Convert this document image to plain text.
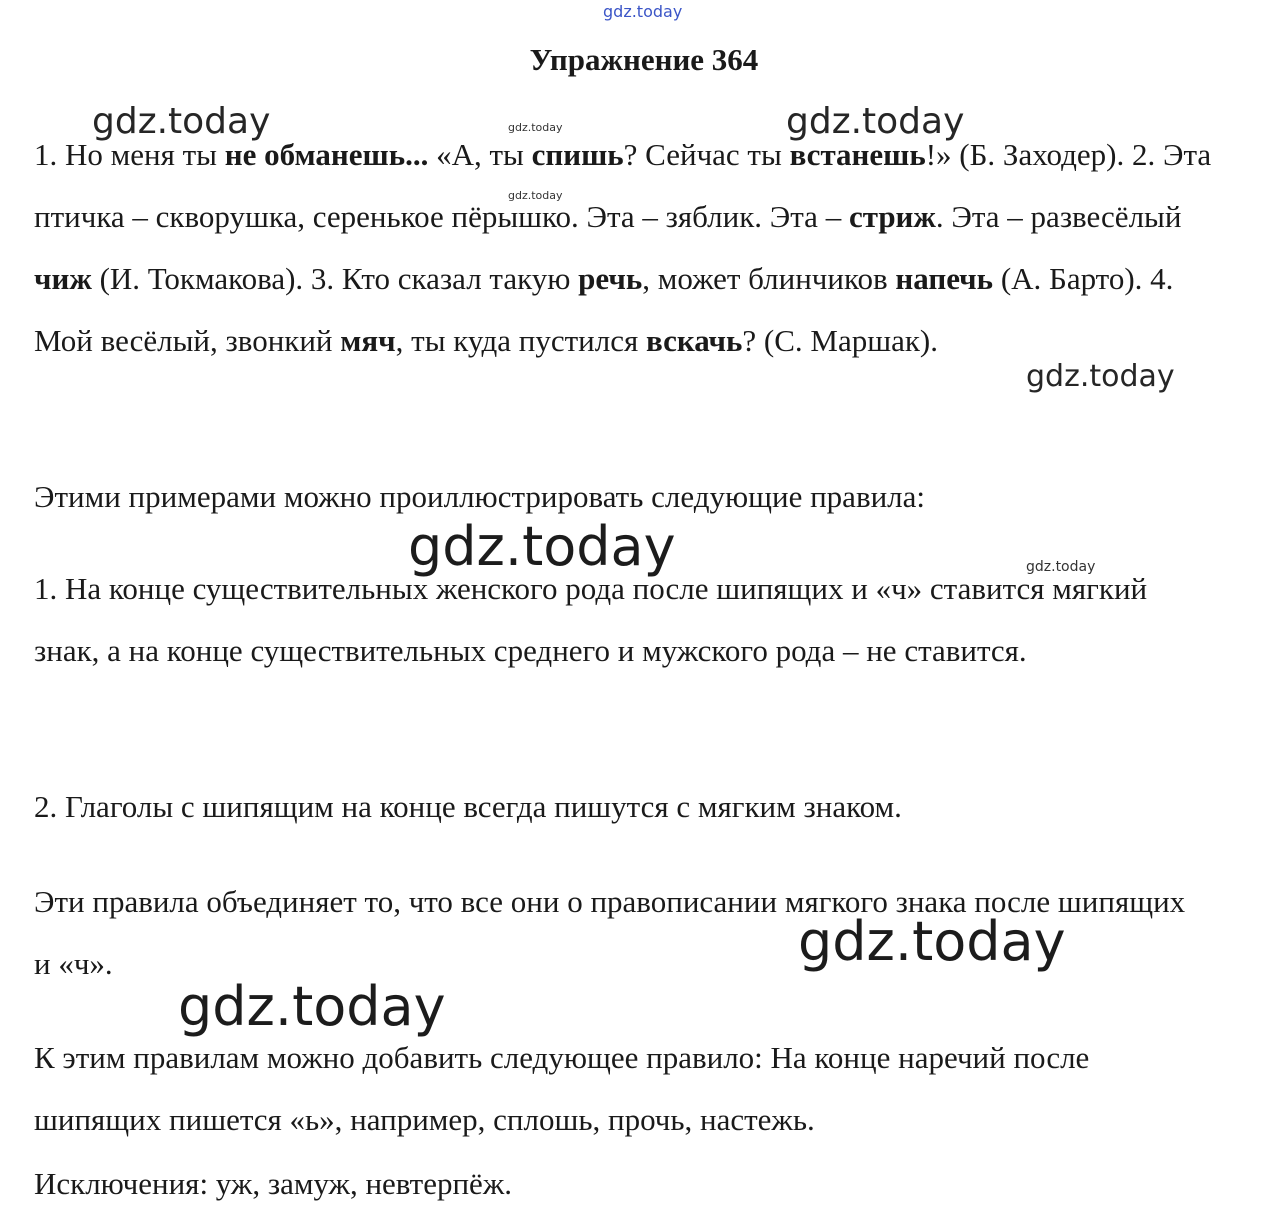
Упражнение 364

1. Но меня ты не обманешь... «А, ты спишь? Сейчас ты встанешь!» (Б. Заходер). 2. Эта птичка – скворушка, серенькое пёрышко. Эта – зяблик. Эта – стриж. Эта – развесёлый чиж (И. Токмакова). 3. Кто сказал такую речь, может блинчиков напечь (А. Барто). 4. Мой весёлый, звонкий мяч, ты куда пустился вскачь? (С. Маршак).

Этими примерами можно проиллюстрировать следующие правила:

1. На конце существительных женского рода после шипящих и «ч» ставится мягкий знак, а на конце существительных среднего и мужского рода – не ставится.

2. Глаголы с шипящим на конце всегда пишутся с мягким знаком.

Эти правила объединяет то, что все они о правописании мягкого знака после шипящих и «ч».

К этим правилам можно добавить следующее правило: На конце наречий после шипящих пишется «ь», например, сплошь, прочь, настежь.

Исключения: уж, замуж, невтерпёж.

gdz.today
gdz.today	gdz.today	gdz.today
gdz.today
gdz.today
gdz.today	gdz.today
gdz.today
gdz.today
